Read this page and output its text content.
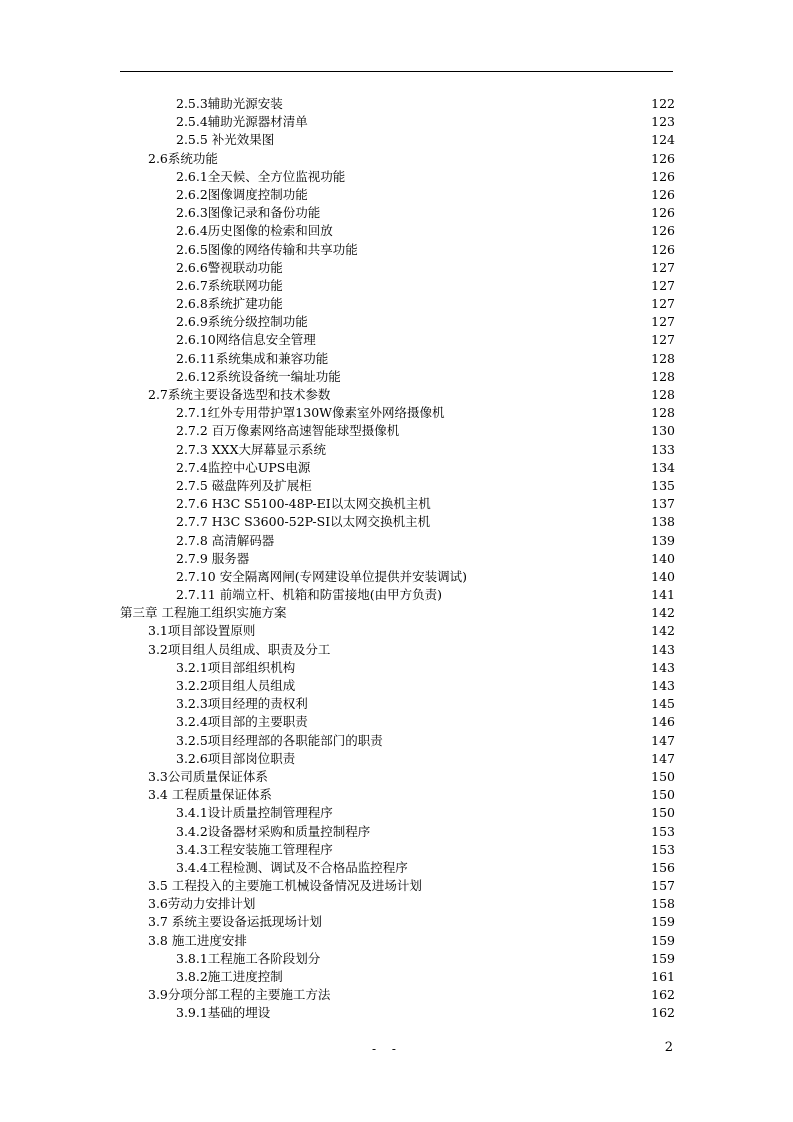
2.5.3辅助光源安装	122
2.5.4辅助光源器材清单	123
2.5.5 补光效果图	124
2.6系统功能	126
2.6.1全天候、全方位监视功能	126
2.6.2图像调度控制功能	126
2.6.3图像记录和备份功能	126
2.6.4历史图像的检索和回放	126
2.6.5图像的网络传输和共享功能	126
2.6.6警视联动功能	127
2.6.7系统联网功能	127
2.6.8系统扩建功能	127
2.6.9系统分级控制功能	127
2.6.10网络信息安全管理	127
2.6.11系统集成和兼容功能	128
2.6.12系统设备统一编址功能	128
2.7系统主要设备选型和技术参数	128
2.7.1红外专用带护罩130W像素室外网络摄像机	128
2.7.2 百万像素网络高速智能球型摄像机	130
2.7.3 XXX大屏幕显示系统	133
2.7.4监控中心UPS电源	134
2.7.5 磁盘阵列及扩展柜	135
2.7.6 H3C S5100-48P-EI以太网交换机主机	137
2.7.7 H3C S3600-52P-SI以太网交换机主机	138
2.7.8 高清解码器	139
2.7.9 服务器	140
2.7.10 安全隔离网闸(专网建设单位提供并安装调试)	140
2.7.11 前端立杆、机箱和防雷接地(由甲方负责)	141
第三章 工程施工组织实施方案	142
3.1项目部设置原则	142
3.2项目组人员组成、职责及分工	143
3.2.1项目部组织机构	143
3.2.2项目组人员组成	143
3.2.3项目经理的责权利	145
3.2.4项目部的主要职责	146
3.2.5项目经理部的各职能部门的职责	147
3.2.6项目部岗位职责	147
3.3公司质量保证体系	150
3.4 工程质量保证体系	150
3.4.1设计质量控制管理程序	150
3.4.2设备器材采购和质量控制程序	153
3.4.3工程安装施工管理程序	153
3.4.4工程检测、调试及不合格品监控程序	156
3.5 工程投入的主要施工机械设备情况及进场计划	157
3.6劳动力安排计划	158
3.7 系统主要设备运抵现场计划	159
3.8 施工进度安排	159
3.8.1工程施工各阶段划分	159
3.8.2施工进度控制	161
3.9分项分部工程的主要施工方法	162
3.9.1基础的埋设	162
- -	2
